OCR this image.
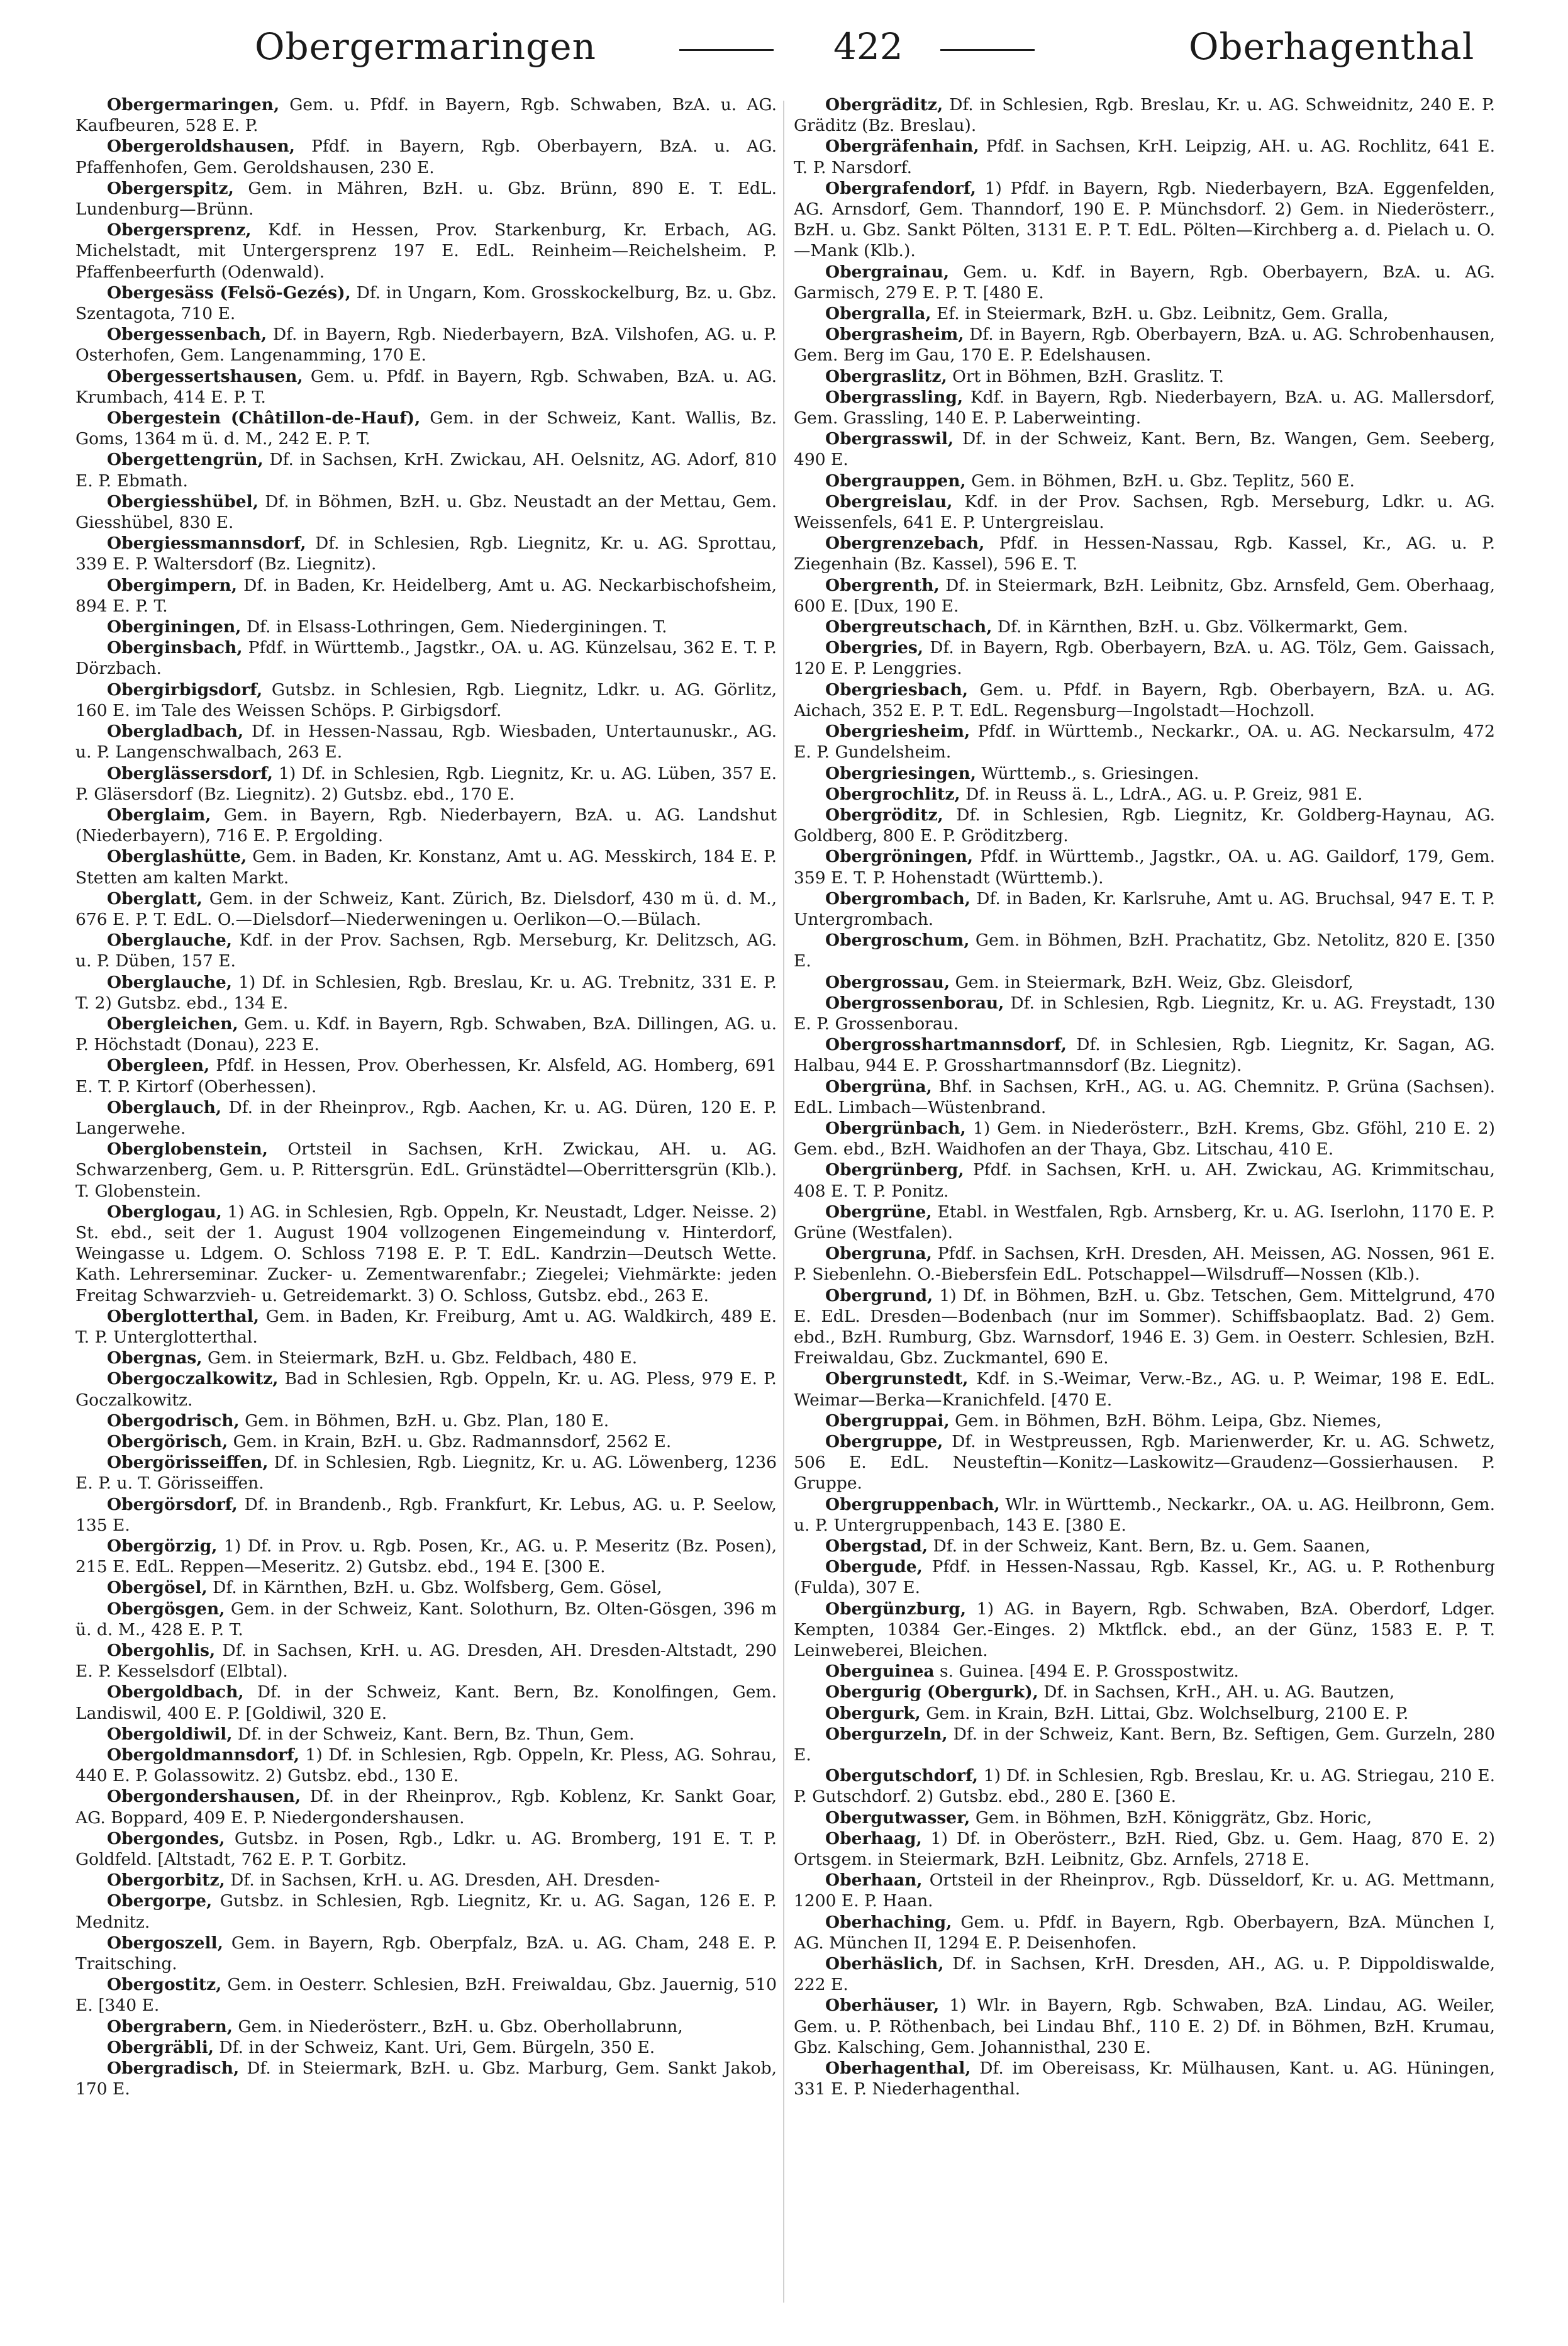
Obergermaringen	422	Oberhagenthal

Obergermaringen, Gem. u. Pfdf. in Bayern, Rgb. Schwaben, BzA. u. AG. Kaufbeuren, 528 E. P.

Obergeroldshausen, Pfdf. in Bayern, Rgb. Oberbayern, BzA. u. AG. Pfaffenhofen, Gem. Geroldshausen, 230 E.

Obergerspitz, Gem. in Mähren, BzH. u. Gbz. Brünn, 890 E. T. EdL. Lundenburg—Brünn.

Obergersprenz, Kdf. in Hessen, Prov. Starkenburg, Kr. Erbach, AG. Michelstadt, mit Untergersprenz 197 E. EdL. Reinheim—Reichelsheim. P. Pfaffenbeerfurth (Odenwald).

Obergesäss (Felsö-Gezés), Df. in Ungarn, Kom. Grosskockelburg, Bz. u. Gbz. Szentagota, 710 E.

Obergessenbach, Df. in Bayern, Rgb. Niederbayern, BzA. Vilshofen, AG. u. P. Osterhofen, Gem. Langenamming, 170 E.

Obergessertshausen, Gem. u. Pfdf. in Bayern, Rgb. Schwaben, BzA. u. AG. Krumbach, 414 E. P. T.

Obergestein (Châtillon-de-Hauf), Gem. in der Schweiz, Kant. Wallis, Bz. Goms, 1364 m ü. d. M., 242 E. P. T.

Obergettengrün, Df. in Sachsen, KrH. Zwickau, AH. Oelsnitz, AG. Adorf, 810 E. P. Ebmath.

Obergiesshübel, Df. in Böhmen, BzH. u. Gbz. Neustadt an der Mettau, Gem. Giesshübel, 830 E.

Obergiessmannsdorf, Df. in Schlesien, Rgb. Liegnitz, Kr. u. AG. Sprottau, 339 E. P. Waltersdorf (Bz. Liegnitz).

Obergimpern, Df. in Baden, Kr. Heidelberg, Amt u. AG. Neckarbischofsheim, 894 E. P. T.

Oberginingen, Df. in Elsass-Lothringen, Gem. Niederginingen. T.

Oberginsbach, Pfdf. in Württemb., Jagstkr., OA. u. AG. Künzelsau, 362 E. T. P. Dörzbach.

Obergirbigsdorf, Gutsbz. in Schlesien, Rgb. Liegnitz, Ldkr. u. AG. Görlitz, 160 E. im Tale des Weissen Schöps. P. Girbigsdorf.

Obergladbach, Df. in Hessen-Nassau, Rgb. Wiesbaden, Untertaunuskr., AG. u. P. Langenschwalbach, 263 E.

Oberglässersdorf, 1) Df. in Schlesien, Rgb. Liegnitz, Kr. u. AG. Lüben, 357 E. P. Gläsersdorf (Bz. Liegnitz). 2) Gutsbz. ebd., 170 E.

Oberglaim, Gem. in Bayern, Rgb. Niederbayern, BzA. u. AG. Landshut (Niederbayern), 716 E. P. Ergolding.

Oberglashütte, Gem. in Baden, Kr. Konstanz, Amt u. AG. Messkirch, 184 E. P. Stetten am kalten Markt.

Oberglatt, Gem. in der Schweiz, Kant. Zürich, Bz. Dielsdorf, 430 m ü. d. M., 676 E. P. T. EdL. O.—Dielsdorf—Niederweningen u. Oerlikon—O.—Bülach.

Oberglauche, Kdf. in der Prov. Sachsen, Rgb. Merseburg, Kr. Delitzsch, AG. u. P. Düben, 157 E.

Oberglauche, 1) Df. in Schlesien, Rgb. Breslau, Kr. u. AG. Trebnitz, 331 E. P. T. 2) Gutsbz. ebd., 134 E.

Obergleichen, Gem. u. Kdf. in Bayern, Rgb. Schwaben, BzA. Dillingen, AG. u. P. Höchstadt (Donau), 223 E.

Obergleen, Pfdf. in Hessen, Prov. Oberhessen, Kr. Alsfeld, AG. Homberg, 691 E. T. P. Kirtorf (Oberhessen).

Oberglauch, Df. in der Rheinprov., Rgb. Aachen, Kr. u. AG. Düren, 120 E. P. Langerwehe.

Oberglobenstein, Ortsteil in Sachsen, KrH. Zwickau, AH. u. AG. Schwarzenberg, Gem. u. P. Rittersgrün. EdL. Grünstädtel—Oberrittersgrün (Klb.). T. Globenstein.

Oberglogau, 1) AG. in Schlesien, Rgb. Oppeln, Kr. Neustadt, Ldger. Neisse. 2) St. ebd., seit der 1. August 1904 vollzogenen Eingemeindung v. Hinterdorf, Weingasse u. Ldgem. O. Schloss 7198 E. P. T. EdL. Kandrzin—Deutsch Wette. Kath. Lehrerseminar. Zucker- u. Zementwarenfabr.; Ziegelei; Viehmärkte: jeden Freitag Schwarzvieh- u. Getreidemarkt. 3) O. Schloss, Gutsbz. ebd., 263 E.

Oberglotterthal, Gem. in Baden, Kr. Freiburg, Amt u. AG. Waldkirch, 489 E. T. P. Unterglotterthal.

Obergnas, Gem. in Steiermark, BzH. u. Gbz. Feldbach, 480 E.

Obergoczalkowitz, Bad in Schlesien, Rgb. Oppeln, Kr. u. AG. Pless, 979 E. P. Goczalkowitz.

Obergodrisch, Gem. in Böhmen, BzH. u. Gbz. Plan, 180 E.

Obergörisch, Gem. in Krain, BzH. u. Gbz. Radmannsdorf, 2562 E.

Obergörisseiffen, Df. in Schlesien, Rgb. Liegnitz, Kr. u. AG. Löwenberg, 1236 E. P. u. T. Görisseiffen.

Obergörsdorf, Df. in Brandenb., Rgb. Frankfurt, Kr. Lebus, AG. u. P. Seelow, 135 E.

Obergörzig, 1) Df. in Prov. u. Rgb. Posen, Kr., AG. u. P. Meseritz (Bz. Posen), 215 E. EdL. Reppen—Meseritz. 2) Gutsbz. ebd., 194 E. [300 E.

Obergösel, Df. in Kärnthen, BzH. u. Gbz. Wolfsberg, Gem. Gösel,

Obergösgen, Gem. in der Schweiz, Kant. Solothurn, Bz. Olten-Gösgen, 396 m ü. d. M., 428 E. P. T.

Obergohlis, Df. in Sachsen, KrH. u. AG. Dresden, AH. Dresden-Altstadt, 290 E. P. Kesselsdorf (Elbtal).

Obergoldbach, Df. in der Schweiz, Kant. Bern, Bz. Konolfingen, Gem. Landiswil, 400 E. P. [Goldiwil, 320 E.

Obergoldiwil, Df. in der Schweiz, Kant. Bern, Bz. Thun, Gem.

Obergoldmannsdorf, 1) Df. in Schlesien, Rgb. Oppeln, Kr. Pless, AG. Sohrau, 440 E. P. Golassowitz. 2) Gutsbz. ebd., 130 E.

Obergondershausen, Df. in der Rheinprov., Rgb. Koblenz, Kr. Sankt Goar, AG. Boppard, 409 E. P. Niedergondershausen.

Obergondes, Gutsbz. in Posen, Rgb., Ldkr. u. AG. Bromberg, 191 E. T. P. Goldfeld. [Altstadt, 762 E. P. T. Gorbitz.

Obergorbitz, Df. in Sachsen, KrH. u. AG. Dresden, AH. Dresden-

Obergorpe, Gutsbz. in Schlesien, Rgb. Liegnitz, Kr. u. AG. Sagan, 126 E. P. Mednitz.

Obergoszell, Gem. in Bayern, Rgb. Oberpfalz, BzA. u. AG. Cham, 248 E. P. Traitsching.

Obergostitz, Gem. in Oesterr. Schlesien, BzH. Freiwaldau, Gbz. Jauernig, 510 E. [340 E.

Obergrabern, Gem. in Niederösterr., BzH. u. Gbz. Oberhollabrunn,

Obergräbli, Df. in der Schweiz, Kant. Uri, Gem. Bürgeln, 350 E.

Obergradisch, Df. in Steiermark, BzH. u. Gbz. Marburg, Gem. Sankt Jakob, 170 E.

Obergräditz, Df. in Schlesien, Rgb. Breslau, Kr. u. AG. Schweidnitz, 240 E. P. Gräditz (Bz. Breslau).

Obergräfenhain, Pfdf. in Sachsen, KrH. Leipzig, AH. u. AG. Rochlitz, 641 E. T. P. Narsdorf.

Obergrafendorf, 1) Pfdf. in Bayern, Rgb. Niederbayern, BzA. Eggenfelden, AG. Arnsdorf, Gem. Thanndorf, 190 E. P. Münchsdorf. 2) Gem. in Niederösterr., BzH. u. Gbz. Sankt Pölten, 3131 E. P. T. EdL. Pölten—Kirchberg a. d. Pielach u. O.—Mank (Klb.).

Obergrainau, Gem. u. Kdf. in Bayern, Rgb. Oberbayern, BzA. u. AG. Garmisch, 279 E. P. T. [480 E.

Obergralla, Ef. in Steiermark, BzH. u. Gbz. Leibnitz, Gem. Gralla,

Obergrasheim, Df. in Bayern, Rgb. Oberbayern, BzA. u. AG. Schrobenhausen, Gem. Berg im Gau, 170 E. P. Edelshausen.

Obergraslitz, Ort in Böhmen, BzH. Graslitz. T.

Obergrassling, Kdf. in Bayern, Rgb. Niederbayern, BzA. u. AG. Mallersdorf, Gem. Grassling, 140 E. P. Laberweinting.

Obergrasswil, Df. in der Schweiz, Kant. Bern, Bz. Wangen, Gem. Seeberg, 490 E.

Obergrauppen, Gem. in Böhmen, BzH. u. Gbz. Teplitz, 560 E.

Obergreislau, Kdf. in der Prov. Sachsen, Rgb. Merseburg, Ldkr. u. AG. Weissenfels, 641 E. P. Untergreislau.

Obergrenzebach, Pfdf. in Hessen-Nassau, Rgb. Kassel, Kr., AG. u. P. Ziegenhain (Bz. Kassel), 596 E. T.

Obergrenth, Df. in Steiermark, BzH. Leibnitz, Gbz. Arnsfeld, Gem. Oberhaag, 600 E. [Dux, 190 E.

Obergreutschach, Df. in Kärnthen, BzH. u. Gbz. Völkermarkt, Gem.

Obergries, Df. in Bayern, Rgb. Oberbayern, BzA. u. AG. Tölz, Gem. Gaissach, 120 E. P. Lenggries.

Obergriesbach, Gem. u. Pfdf. in Bayern, Rgb. Oberbayern, BzA. u. AG. Aichach, 352 E. P. T. EdL. Regensburg—Ingolstadt—Hochzoll.

Obergriesheim, Pfdf. in Württemb., Neckarkr., OA. u. AG. Neckarsulm, 472 E. P. Gundelsheim.

Obergriesingen, Württemb., s. Griesingen.

Obergrochlitz, Df. in Reuss ä. L., LdrA., AG. u. P. Greiz, 981 E.

Obergröditz, Df. in Schlesien, Rgb. Liegnitz, Kr. Goldberg-Haynau, AG. Goldberg, 800 E. P. Gröditzberg.

Obergröningen, Pfdf. in Württemb., Jagstkr., OA. u. AG. Gaildorf, 179, Gem. 359 E. T. P. Hohenstadt (Württemb.).

Obergrombach, Df. in Baden, Kr. Karlsruhe, Amt u. AG. Bruchsal, 947 E. T. P. Untergrombach.

Obergroschum, Gem. in Böhmen, BzH. Prachatitz, Gbz. Netolitz, 820 E. [350 E.

Obergrossau, Gem. in Steiermark, BzH. Weiz, Gbz. Gleisdorf,

Obergrossenborau, Df. in Schlesien, Rgb. Liegnitz, Kr. u. AG. Freystadt, 130 E. P. Grossenborau.

Obergrosshartmannsdorf, Df. in Schlesien, Rgb. Liegnitz, Kr. Sagan, AG. Halbau, 944 E. P. Grosshartmannsdorf (Bz. Liegnitz).

Obergrüna, Bhf. in Sachsen, KrH., AG. u. AG. Chemnitz. P. Grüna (Sachsen). EdL. Limbach—Wüstenbrand.

Obergrünbach, 1) Gem. in Niederösterr., BzH. Krems, Gbz. Gföhl, 210 E. 2) Gem. ebd., BzH. Waidhofen an der Thaya, Gbz. Litschau, 410 E.

Obergrünberg, Pfdf. in Sachsen, KrH. u. AH. Zwickau, AG. Krimmitschau, 408 E. T. P. Ponitz.

Obergrüne, Etabl. in Westfalen, Rgb. Arnsberg, Kr. u. AG. Iserlohn, 1170 E. P. Grüne (Westfalen).

Obergruna, Pfdf. in Sachsen, KrH. Dresden, AH. Meissen, AG. Nossen, 961 E. P. Siebenlehn. O.-Biebersfein EdL. Potschappel—Wilsdruff—Nossen (Klb.).

Obergrund, 1) Df. in Böhmen, BzH. u. Gbz. Tetschen, Gem. Mittelgrund, 470 E. EdL. Dresden—Bodenbach (nur im Sommer). Schiffsbaoplatz. Bad. 2) Gem. ebd., BzH. Rumburg, Gbz. Warnsdorf, 1946 E. 3) Gem. in Oesterr. Schlesien, BzH. Freiwaldau, Gbz. Zuckmantel, 690 E.

Obergrunstedt, Kdf. in S.-Weimar, Verw.-Bz., AG. u. P. Weimar, 198 E. EdL. Weimar—Berka—Kranichfeld. [470 E.

Obergruppai, Gem. in Böhmen, BzH. Böhm. Leipa, Gbz. Niemes,

Obergruppe, Df. in Westpreussen, Rgb. Marienwerder, Kr. u. AG. Schwetz, 506 E. EdL. Neusteftin—Konitz—Laskowitz—Graudenz—Gossierhausen. P. Gruppe.

Obergruppenbach, Wlr. in Württemb., Neckarkr., OA. u. AG. Heilbronn, Gem. u. P. Untergruppenbach, 143 E. [380 E.

Obergstad, Df. in der Schweiz, Kant. Bern, Bz. u. Gem. Saanen,

Obergude, Pfdf. in Hessen-Nassau, Rgb. Kassel, Kr., AG. u. P. Rothenburg (Fulda), 307 E.

Obergünzburg, 1) AG. in Bayern, Rgb. Schwaben, BzA. Oberdorf, Ldger. Kempten, 10384 Ger.-Einges. 2) Mktflck. ebd., an der Günz, 1583 E. P. T. Leinweberei, Bleichen.

Oberguinea s. Guinea. [494 E. P. Grosspostwitz.

Obergurig (Obergurk), Df. in Sachsen, KrH., AH. u. AG. Bautzen,

Obergurk, Gem. in Krain, BzH. Littai, Gbz. Wolchselburg, 2100 E. P.

Obergurzeln, Df. in der Schweiz, Kant. Bern, Bz. Seftigen, Gem. Gurzeln, 280 E.

Obergutschdorf, 1) Df. in Schlesien, Rgb. Breslau, Kr. u. AG. Striegau, 210 E. P. Gutschdorf. 2) Gutsbz. ebd., 280 E. [360 E.

Obergutwasser, Gem. in Böhmen, BzH. Königgrätz, Gbz. Horic,

Oberhaag, 1) Df. in Oberösterr., BzH. Ried, Gbz. u. Gem. Haag, 870 E. 2) Ortsgem. in Steiermark, BzH. Leibnitz, Gbz. Arnfels, 2718 E.

Oberhaan, Ortsteil in der Rheinprov., Rgb. Düsseldorf, Kr. u. AG. Mettmann, 1200 E. P. Haan.

Oberhaching, Gem. u. Pfdf. in Bayern, Rgb. Oberbayern, BzA. München I, AG. München II, 1294 E. P. Deisenhofen.

Oberhäslich, Df. in Sachsen, KrH. Dresden, AH., AG. u. P. Dippoldiswalde, 222 E.

Oberhäuser, 1) Wlr. in Bayern, Rgb. Schwaben, BzA. Lindau, AG. Weiler, Gem. u. P. Röthenbach, bei Lindau Bhf., 110 E. 2) Df. in Böhmen, BzH. Krumau, Gbz. Kalsching, Gem. Johannisthal, 230 E.

Oberhagenthal, Df. im Obereisass, Kr. Mülhausen, Kant. u. AG. Hüningen, 331 E. P. Niederhagenthal.
